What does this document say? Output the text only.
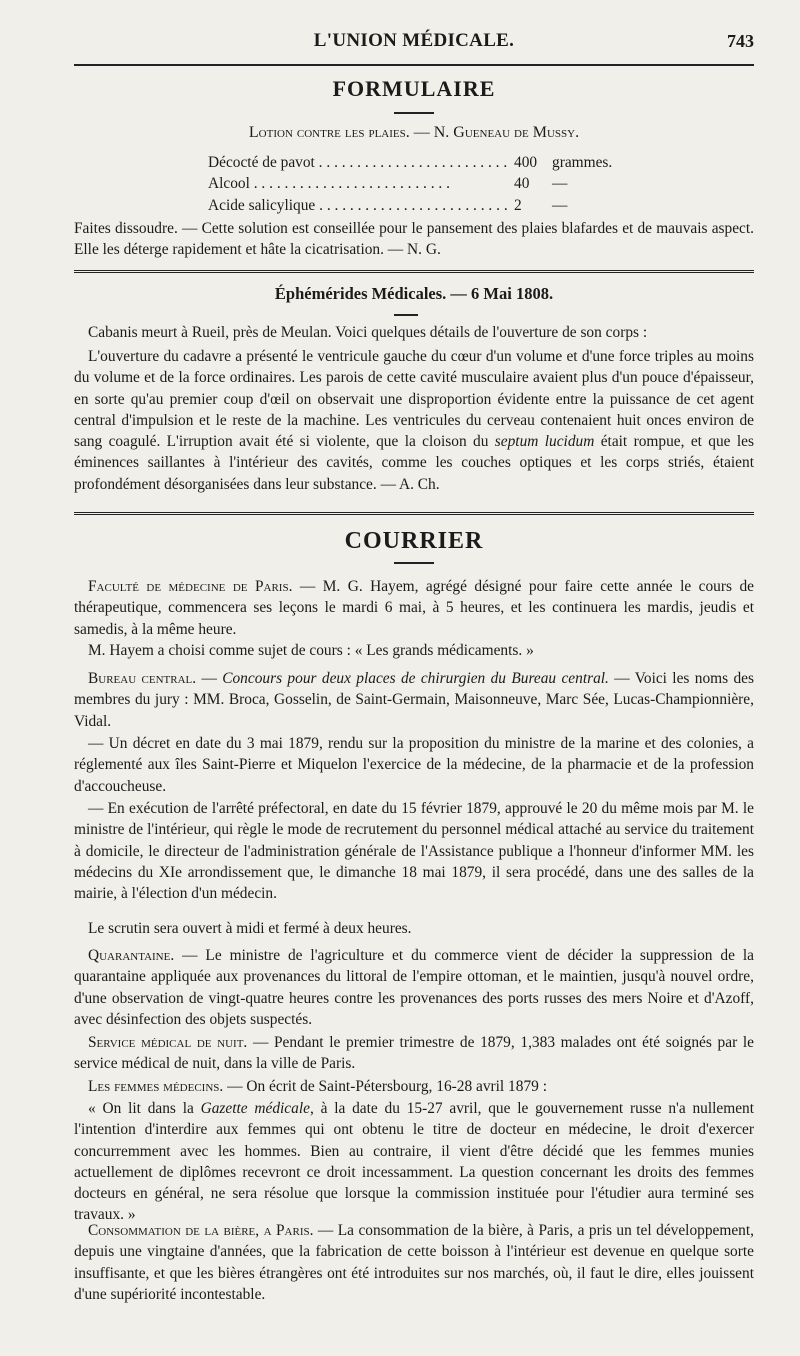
L'UNION MÉDICALE.	743
FORMULAIRE
Lotion contre les plaies. — N. Gueneau de Mussy.
Décocté de pavot . . .	400 grammes.
Alcool . . .	40	—
Acide salicylique . . .	2	—
Faites dissoudre. — Cette solution est conseillée pour le pansement des plaies blafardes et de mauvais aspect. Elle les déterge rapidement et hâte la cicatrisation. — N. G.
Éphémérides Médicales. — 6 Mai 1808.
Cabanis meurt à Rueil, près de Meulan. Voici quelques détails de l'ouverture de son corps :
L'ouverture du cadavre a présenté le ventricule gauche du cœur d'un volume et d'une force triples au moins du volume et de la force ordinaires. Les parois de cette cavité musculaire avaient plus d'un pouce d'épaisseur, en sorte qu'au premier coup d'œil on observait une disproportion évidente entre la puissance de cet agent central d'impulsion et le reste de la machine. Les ventricules du cerveau contenaient huit onces environ de sang coagulé. L'irruption avait été si violente, que la cloison du septum lucidum était rompue, et que les éminences saillantes à l'intérieur des cavités, comme les couches optiques et les corps striés, étaient profondément désorganisées dans leur substance. — A. Ch.
COURRIER
Faculté de médecine de Paris. — M. G. Hayem, agrégé désigné pour faire cette année le cours de thérapeutique, commencera ses leçons le mardi 6 mai, à 5 heures, et les continuera les mardis, jeudis et samedis, à la même heure.
M. Hayem a choisi comme sujet de cours : « Les grands médicaments. »
Bureau central. — Concours pour deux places de chirurgien du Bureau central. — Voici les noms des membres du jury : MM. Broca, Gosselin, de Saint-Germain, Maisonneuve, Marc Sée, Lucas-Championnière, Vidal.
— Un décret en date du 3 mai 1879, rendu sur la proposition du ministre de la marine et des colonies, a réglementé aux îles Saint-Pierre et Miquelon l'exercice de la médecine, de la pharmacie et de la profession d'accoucheuse.
— En exécution de l'arrêté préfectoral, en date du 15 février 1879, approuvé le 20 du même mois par M. le ministre de l'intérieur, qui règle le mode de recrutement du personnel médical attaché au service du traitement à domicile, le directeur de l'administration générale de l'Assistance publique a l'honneur d'informer MM. les médecins du XIe arrondissement que, le dimanche 18 mai 1879, il sera procédé, dans une des salles de la mairie, à l'élection d'un médecin.
Le scrutin sera ouvert à midi et fermé à deux heures.
Quarantaine. — Le ministre de l'agriculture et du commerce vient de décider la suppression de la quarantaine appliquée aux provenances du littoral de l'empire ottoman, et le maintien, jusqu'à nouvel ordre, d'une observation de vingt-quatre heures contre les provenances des ports russes des mers Noire et d'Azoff, avec désinfection des objets suspectés.
Service médical de nuit. — Pendant le premier trimestre de 1879, 1,383 malades ont été soignés par le service médical de nuit, dans la ville de Paris.
Les femmes médecins. — On écrit de Saint-Pétersbourg, 16-28 avril 1879 :
« On lit dans la Gazette médicale, à la date du 15-27 avril, que le gouvernement russe n'a nullement l'intention d'interdire aux femmes qui ont obtenu le titre de docteur en médecine, le droit d'exercer concurremment avec les hommes. Bien au contraire, il vient d'être décidé que les femmes munies actuellement de diplômes recevront ce droit incessamment. La question concernant les droits des femmes docteurs en général, ne sera résolue que lorsque la commission instituée pour l'étudier aura terminé ses travaux. »
Consommation de la bière, a Paris. — La consommation de la bière, à Paris, a pris un tel développement, depuis une vingtaine d'années, que la fabrication de cette boisson à l'intérieur est devenue en quelque sorte insuffisante, et que les bières étrangères ont été introduites sur nos marchés, où, il faut le dire, elles jouissent d'une supériorité incontestable.
